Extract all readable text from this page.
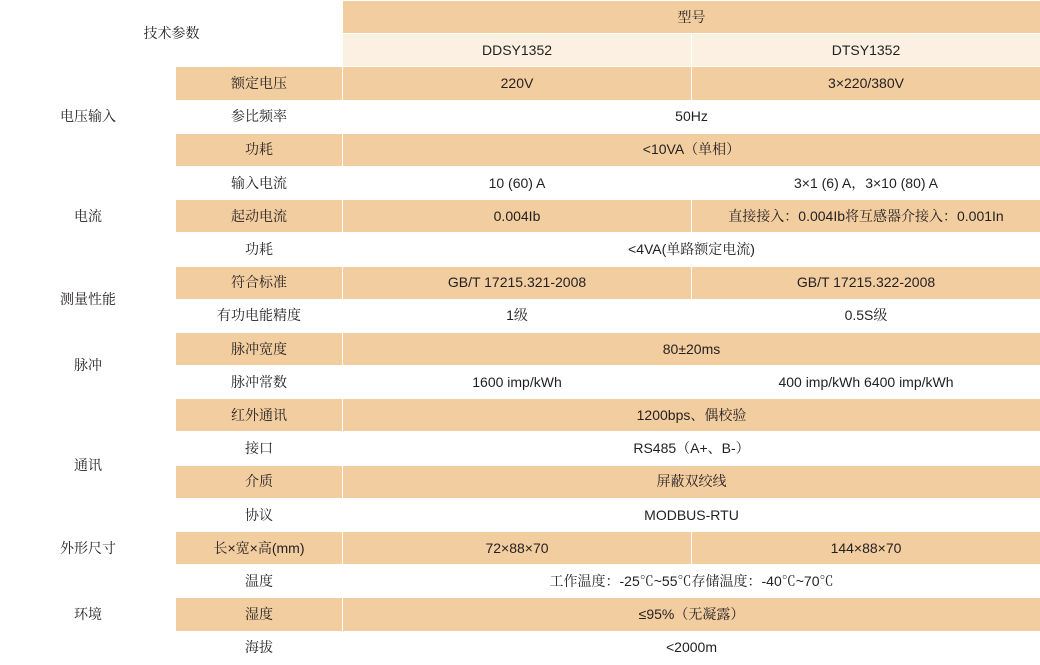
技术参数		型号	
		DDSY1352	DTSY1352
电压输入	额定电压	220V	3×220/380V
	参比频率	50Hz	
	功耗	<10VA（单相）	
电流	输入电流	10 (60) A	3×1 (6) A，3×10 (80) A
	起动电流	0.004Ib	直接接入：0.004Ib将互感器介接入：0.001In
	功耗	<4VA(单路额定电流)	
测量性能	符合标准	GB/T 17215.321-2008	GB/T 17215.322-2008
	有功电能精度	1级	0.5S级
脉冲	脉冲宽度	80±20ms	
	脉冲常数	1600 imp/kWh	400 imp/kWh 6400 imp/kWh
通讯	红外通讯	1200bps、偶校验	
	接口	RS485（A+、B-）	
	介质	屏蔽双绞线	
	协议	MODBUS-RTU	
外形尺寸	长×宽×高(mm)	72×88×70	144×88×70
环境	温度	工作温度：-25℃~55℃存储温度：-40℃~70℃	
	湿度	≤95%（无凝露）	
	海拔	<2000m	
